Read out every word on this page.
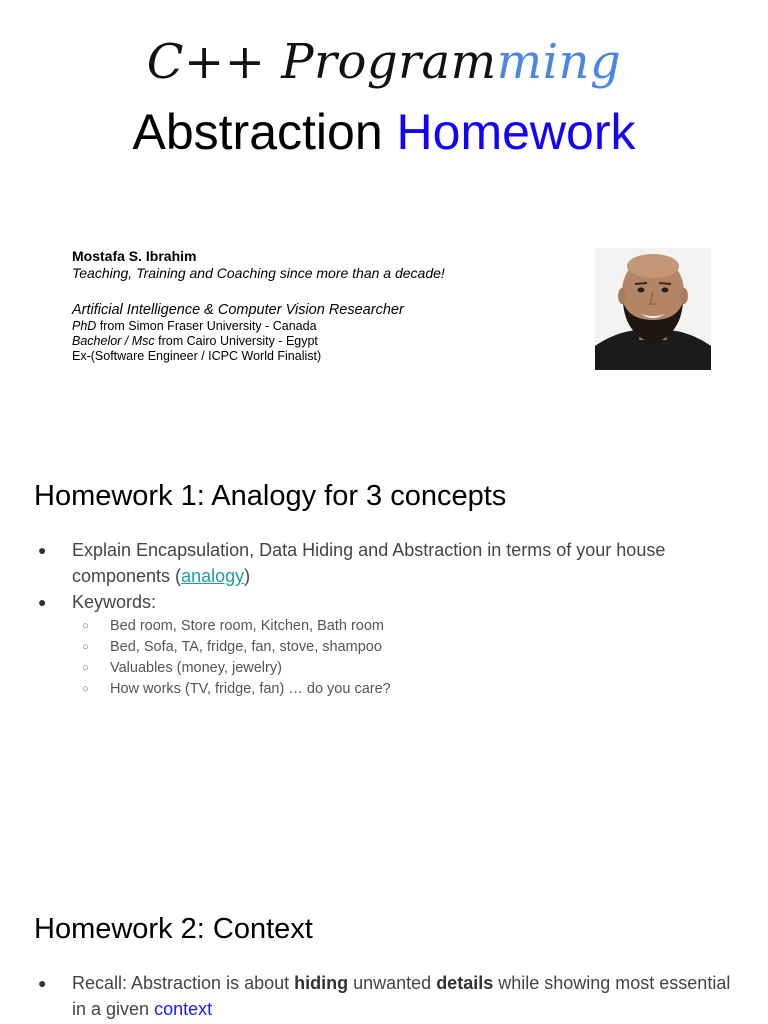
C++ Programming
Abstraction Homework
Mostafa S. Ibrahim
Teaching, Training and Coaching since more than a decade!
Artificial Intelligence & Computer Vision Researcher
PhD from Simon Fraser University - Canada
Bachelor / Msc from Cairo University - Egypt
Ex-(Software Engineer / ICPC World Finalist)
Homework 1: Analogy for 3 concepts
● Explain Encapsulation, Data Hiding and Abstraction in terms of your house components (analogy)
● Keywords:
○ Bed room, Store room, Kitchen, Bath room
○ Bed, Sofa, TA, fridge, fan, stove, shampoo
○ Valuables (money, jewelry)
○ How works (TV, fridge, fan) … do you care?
Homework 2: Context
● Recall: Abstraction is about hiding unwanted details while showing most essential in a given context
